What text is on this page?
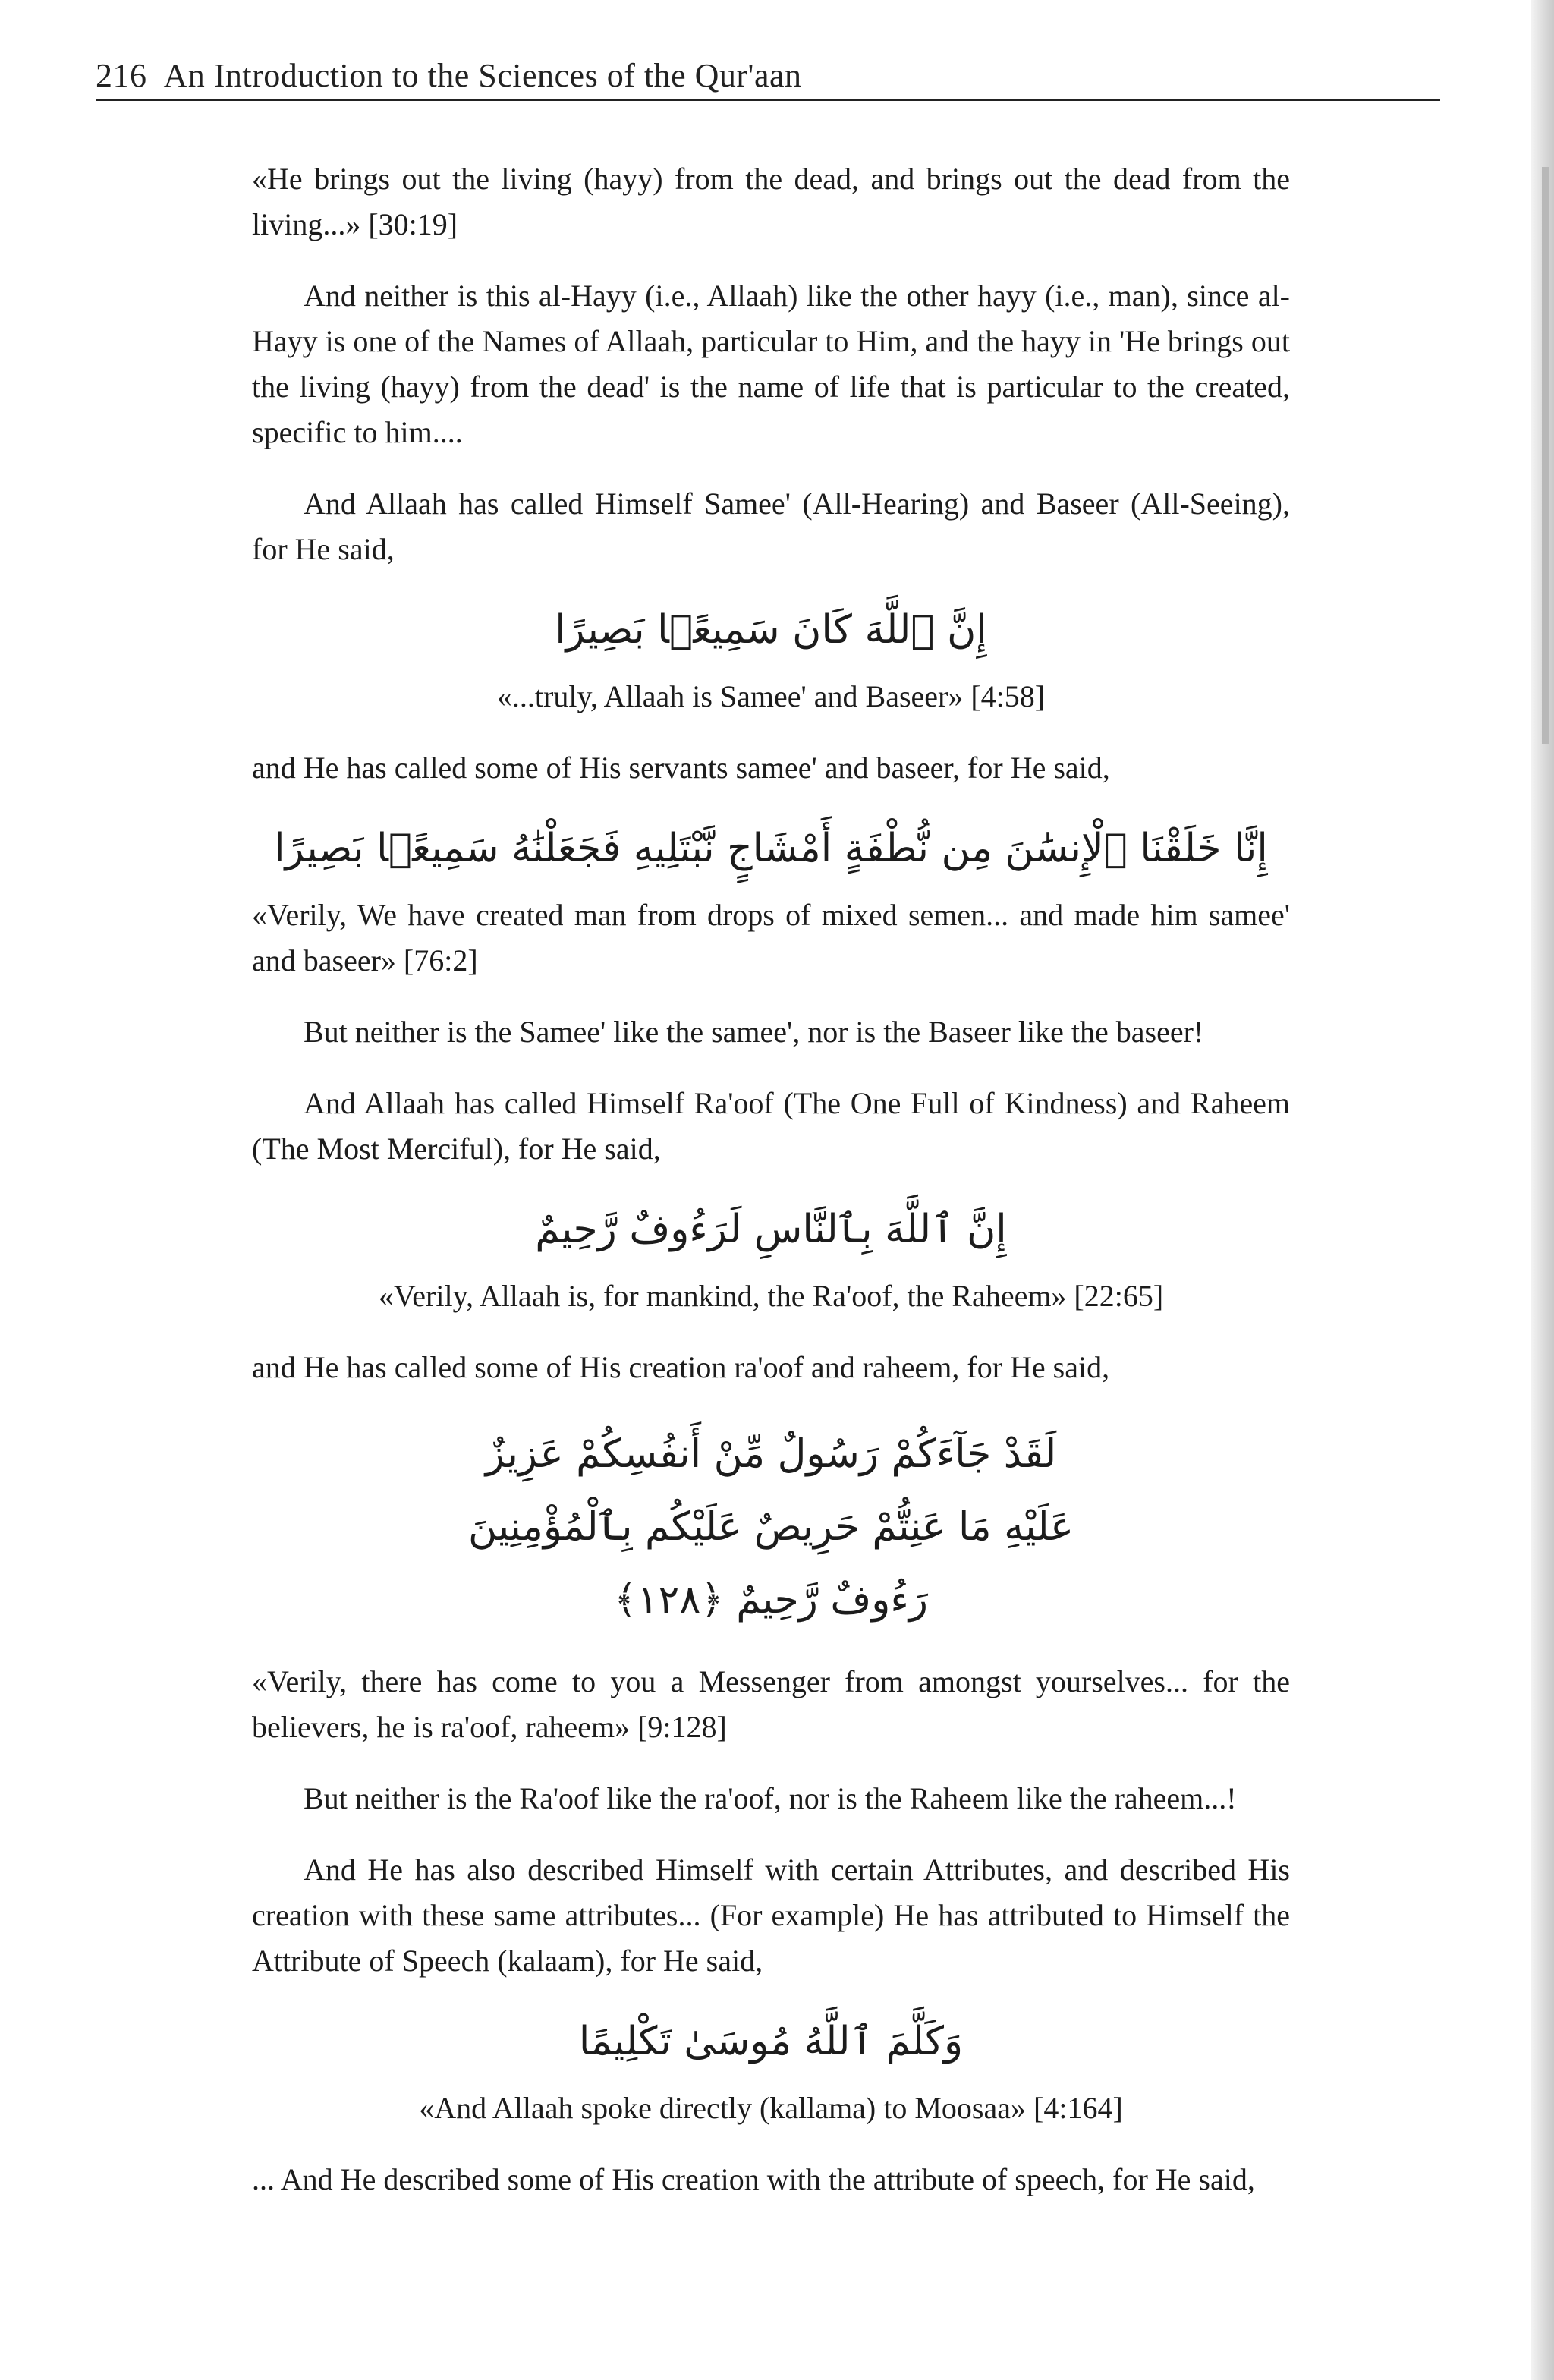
216 An Introduction to the Sciences of the Qur'aan

«He brings out the living (hayy) from the dead, and brings out the dead from the living...» [30:19]

And neither is this al-Hayy (i.e., Allaah) like the other hayy (i.e., man), since al-Hayy is one of the Names of Allaah, particular to Him, and the hayy in 'He brings out the living (hayy) from the dead' is the name of life that is particular to the created, specific to him....

And Allaah has called Himself Samee' (All-Hearing) and Baseer (All-Seeing), for He said,

إِنَّ ٱللَّهَ كَانَ سَمِيعًۢا بَصِيرًا

«...truly, Allaah is Samee' and Baseer» [4:58]

and He has called some of His servants samee' and baseer, for He said,

إِنَّا خَلَقْنَا ٱلْإِنسَٰنَ مِن نُّطْفَةٍ أَمْشَاجٍ نَّبْتَلِيهِ فَجَعَلْنَٰهُ سَمِيعًۢا بَصِيرًا

«Verily, We have created man from drops of mixed semen... and made him samee' and baseer» [76:2]

But neither is the Samee' like the samee', nor is the Baseer like the baseer!

And Allaah has called Himself Ra'oof (The One Full of Kindness) and Raheem (The Most Merciful), for He said,

إِنَّ ٱللَّهَ بِٱلنَّاسِ لَرَءُوفٌ رَّحِيمٌ

«Verily, Allaah is, for mankind, the Ra'oof, the Raheem» [22:65]

and He has called some of His creation ra'oof and raheem, for He said,

لَقَدْ جَآءَكُمْ رَسُولٌ مِّنْ أَنفُسِكُمْ عَزِيزٌ
عَلَيْهِ مَا عَنِتُّمْ حَرِيصٌ عَلَيْكُم بِٱلْمُؤْمِنِينَ
رَءُوفٌ رَّحِيمٌ ﴿١٢٨﴾

«Verily, there has come to you a Messenger from amongst yourselves... for the believers, he is ra'oof, raheem» [9:128]

But neither is the Ra'oof like the ra'oof, nor is the Raheem like the raheem...!

And He has also described Himself with certain Attributes, and described His creation with these same attributes... (For example) He has attributed to Himself the Attribute of Speech (kalaam), for He said,

وَكَلَّمَ ٱللَّهُ مُوسَىٰ تَكْلِيمًا

«And Allaah spoke directly (kallama) to Moosaa» [4:164]

... And He described some of His creation with the attribute of speech, for He said,
